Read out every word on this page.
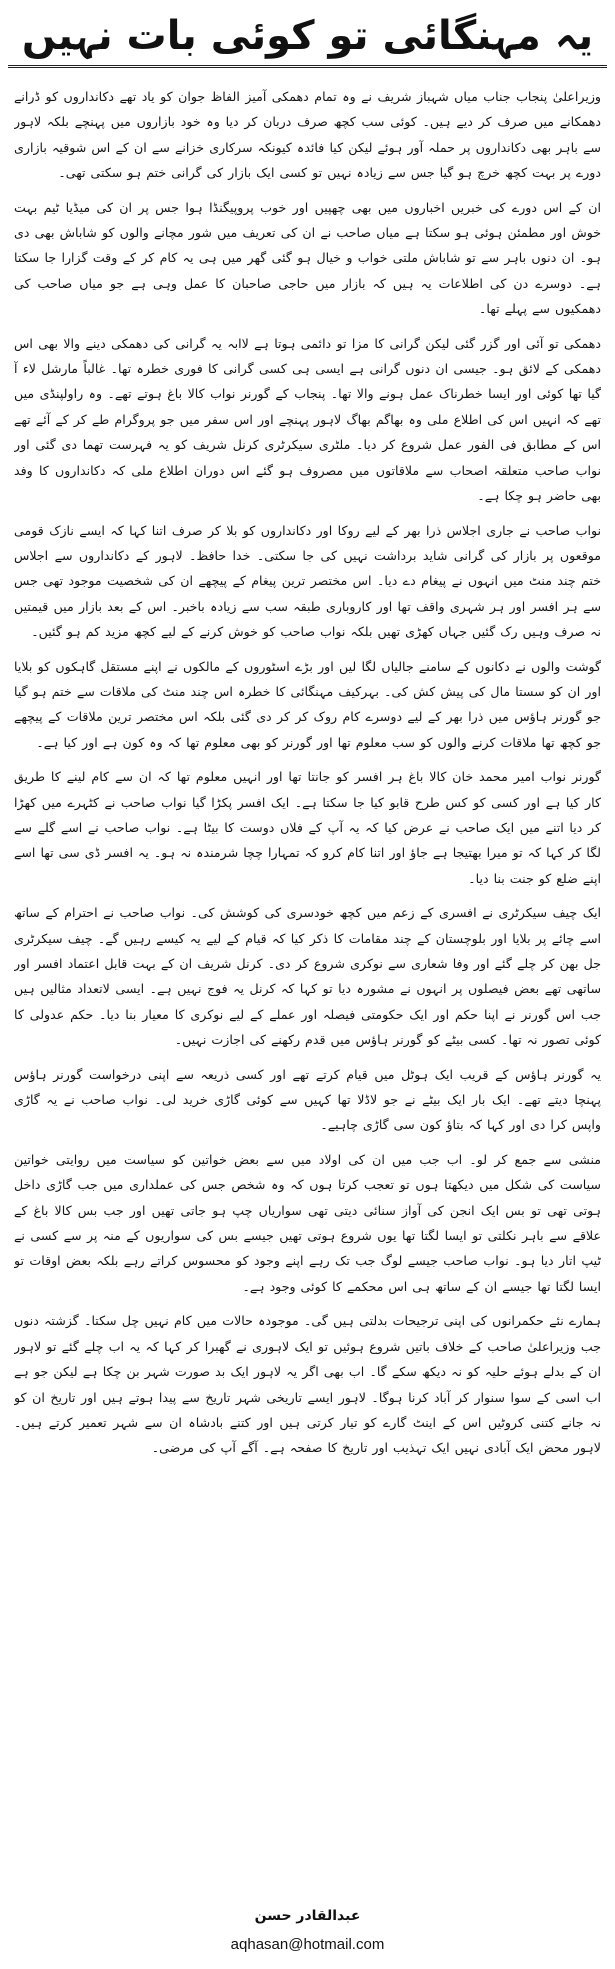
یہ مہنگائی تو کوئی بات نہیں

وزیراعلیٰ پنجاب جناب میاں شہباز شریف نے وہ تمام دھمکی آمیز الفاظ جوان کو یاد تھے دکانداروں کو ڈرانے دھمکانے میں صرف کر دیے ہیں۔ کوئی سب کچھ صرف دربان کر دیا وہ خود بازاروں میں پہنچے بلکہ لاہور سے باہر بھی دکانداروں پر حملہ آور ہوئے لیکن کیا فائدہ کیونکہ سرکاری خزانے سے ان کے اس شوقیہ بازاری دورے پر بہت کچھ خرچ ہو گیا جس سے زیادہ نہیں تو کسی ایک بازار کی گرانی ختم ہو سکتی تھی۔

ان کے اس دورے کی خبریں اخباروں میں بھی چھپیں اور خوب پروپیگنڈا ہوا جس پر ان کی میڈیا ٹیم بہت خوش اور مطمئن ہوئی ہو سکتا ہے میاں صاحب نے ان کی تعریف میں شور مچانے والوں کو شاباش بھی دی ہو۔ ان دنوں باہر سے تو شاباش ملتی خواب و خیال ہو گئی گھر میں ہی یہ کام کر کے وقت گزارا جا سکتا ہے۔ دوسرے دن کی اطلاعات یہ ہیں کہ بازار میں حاجی صاحبان کا عمل وہی ہے جو میاں صاحب کی دھمکیوں سے پہلے تھا۔

دھمکی تو آئی اور گزر گئی لیکن گرانی کا مزا تو دائمی ہوتا ہے لاابہ یہ گرانی کی دھمکی دینے والا بھی اس دھمکی کے لائق ہو۔ جیسی ان دنوں گرانی ہے ایسی ہی کسی گرانی کا فوری خطرہ تھا۔ غالباً مارشل لاء آ گیا تھا کوئی اور ایسا خطرناک عمل ہونے والا تھا۔ پنجاب کے گورنر نواب کالا باغ ہوتے تھے۔ وہ راولپنڈی میں تھے کہ انہیں اس کی اطلاع ملی وہ بھاگم بھاگ لاہور پہنچے اور اس سفر میں جو پروگرام طے کر کے آئے تھے اس کے مطابق فی الفور عمل شروع کر دیا۔ ملٹری سیکرٹری کرنل شریف کو یہ فہرست تھما دی گئی اور نواب صاحب متعلقہ اصحاب سے ملاقاتوں میں مصروف ہو گئے اس دوران اطلاع ملی کہ دکانداروں کا وفد بھی حاضر ہو چکا ہے۔

نواب صاحب نے جاری اجلاس ذرا بھر کے لیے روکا اور دکانداروں کو بلا کر صرف اتنا کہا کہ ایسے نازک قومی موقعوں پر بازار کی گرانی شاید برداشت نہیں کی جا سکتی۔ خدا حافظ۔ لاہور کے دکانداروں سے اجلاس ختم چند منٹ میں انہوں نے پیغام دے دیا۔ اس مختصر ترین پیغام کے پیچھے ان کی شخصیت موجود تھی جس سے ہر افسر اور ہر شہری واقف تھا اور کاروباری طبقہ سب سے زیادہ باخبر۔ اس کے بعد بازار میں قیمتیں نہ صرف وہیں رک گئیں جہاں کھڑی تھیں بلکہ نواب صاحب کو خوش کرنے کے لیے کچھ مزید کم ہو گئیں۔

گوشت والوں نے دکانوں کے سامنے جالیاں لگا لیں اور بڑے اسٹوروں کے مالکوں نے اپنے مستقل گاہکوں کو بلایا اور ان کو سستا مال کی پیش کش کی۔ بہرکیف مہنگائی کا خطرہ اس چند منٹ کی ملاقات سے ختم ہو گیا جو گورنر ہاؤس میں ذرا بھر کے لیے دوسرے کام روک کر کر دی گئی بلکہ اس مختصر ترین ملاقات کے پیچھے جو کچھ تھا ملاقات کرنے والوں کو سب معلوم تھا اور گورنر کو بھی معلوم تھا کہ وہ کون ہے اور کیا ہے۔

گورنر نواب امیر محمد خان کالا باغ ہر افسر کو جانتا تھا اور انہیں معلوم تھا کہ ان سے کام لینے کا طریق کار کیا ہے اور کسی کو کس طرح قابو کیا جا سکتا ہے۔ ایک افسر پکڑا گیا نواب صاحب نے کٹہرے میں کھڑا کر دیا اتنے میں ایک صاحب نے عرض کیا کہ یہ آپ کے فلاں دوست کا بیٹا ہے۔ نواب صاحب نے اسے گلے سے لگا کر کہا کہ تو میرا بھتیجا ہے جاؤ اور اتنا کام کرو کہ تمہارا چچا شرمندہ نہ ہو۔ یہ افسر ڈی سی تھا اسے اپنے ضلع کو جنت بنا دیا۔

ایک چیف سیکرٹری نے افسری کے زعم میں کچھ خودسری کی کوشش کی۔ نواب صاحب نے احترام کے ساتھ اسے چائے پر بلایا اور بلوچستان کے چند مقامات کا ذکر کیا کہ قیام کے لیے یہ کیسے رہیں گے۔ چیف سیکرٹری جل بھن کر چلے گئے اور وفا شعاری سے نوکری شروع کر دی۔ کرنل شریف ان کے بہت قابل اعتماد افسر اور ساتھی تھے بعض فیصلوں پر انہوں نے مشورہ دیا تو کہا کہ کرنل یہ فوج نہیں ہے۔ ایسی لاتعداد مثالیں ہیں جب اس گورنر نے اپنا حکم اور ایک حکومتی فیصلہ اور عملے کے لیے نوکری کا معیار بنا دیا۔ حکم عدولی کا کوئی تصور نہ تھا۔ کسی بیٹے کو گورنر ہاؤس میں قدم رکھنے کی اجازت نہیں۔

یہ گورنر ہاؤس کے قریب ایک ہوٹل میں قیام کرتے تھے اور کسی ذریعہ سے اپنی درخواست گورنر ہاؤس پہنچا دیتے تھے۔ ایک بار ایک بیٹے نے جو لاڈلا تھا کہیں سے کوئی گاڑی خرید لی۔ نواب صاحب نے یہ گاڑی واپس کرا دی اور کہا کہ بتاؤ کون سی گاڑی چاہیے۔

منشی سے جمع کر لو۔ اب جب میں ان کی اولاد میں سے بعض خواتین کو سیاست میں روایتی خواتین سیاست کی شکل میں دیکھتا ہوں تو تعجب کرتا ہوں کہ وہ شخص جس کی عملداری میں جب گاڑی داخل ہوتی تھی تو بس ایک انجن کی آواز سنائی دیتی تھی سواریاں چپ ہو جاتی تھیں اور جب بس کالا باغ کے علاقے سے باہر نکلتی تو ایسا لگتا تھا یوں شروع ہوتی تھیں جیسے بس کی سواریوں کے منہ پر سے کسی نے ٹیپ اتار دیا ہو۔ نواب صاحب جیسے لوگ جب تک رہے اپنے وجود کو محسوس کراتے رہے بلکہ بعض اوقات تو ایسا لگتا تھا جیسے ان کے ساتھ ہی اس محکمے کا کوئی وجود ہے۔

ہمارے نئے حکمرانوں کی اپنی ترجیحات بدلتی ہیں گی۔ موجودہ حالات میں کام نہیں چل سکتا۔ گزشتہ دنوں جب وزیراعلیٰ صاحب کے خلاف باتیں شروع ہوئیں تو ایک لاہوری نے گھبرا کر کہا کہ یہ اب چلے گئے تو لاہور ان کے بدلے ہوئے حلیہ کو نہ دیکھ سکے گا۔ اب بھی اگر یہ لاہور ایک بد صورت شہر بن چکا ہے لیکن جو ہے اب اسی کے سوا سنوار کر آباد کرنا ہوگا۔ لاہور ایسے تاریخی شہر تاریخ سے پیدا ہوتے ہیں اور تاریخ ان کو نہ جانے کتنی کروٹیں اس کے اینٹ گارے کو تیار کرتی ہیں اور کتنے بادشاہ ان سے شہر تعمیر کرتے ہیں۔ لاہور محض ایک آبادی نہیں ایک تہذیب اور تاریخ کا صفحہ ہے۔ آگے آپ کی مرضی۔

عبدالقادر حسن
aqhasan@hotmail.com
